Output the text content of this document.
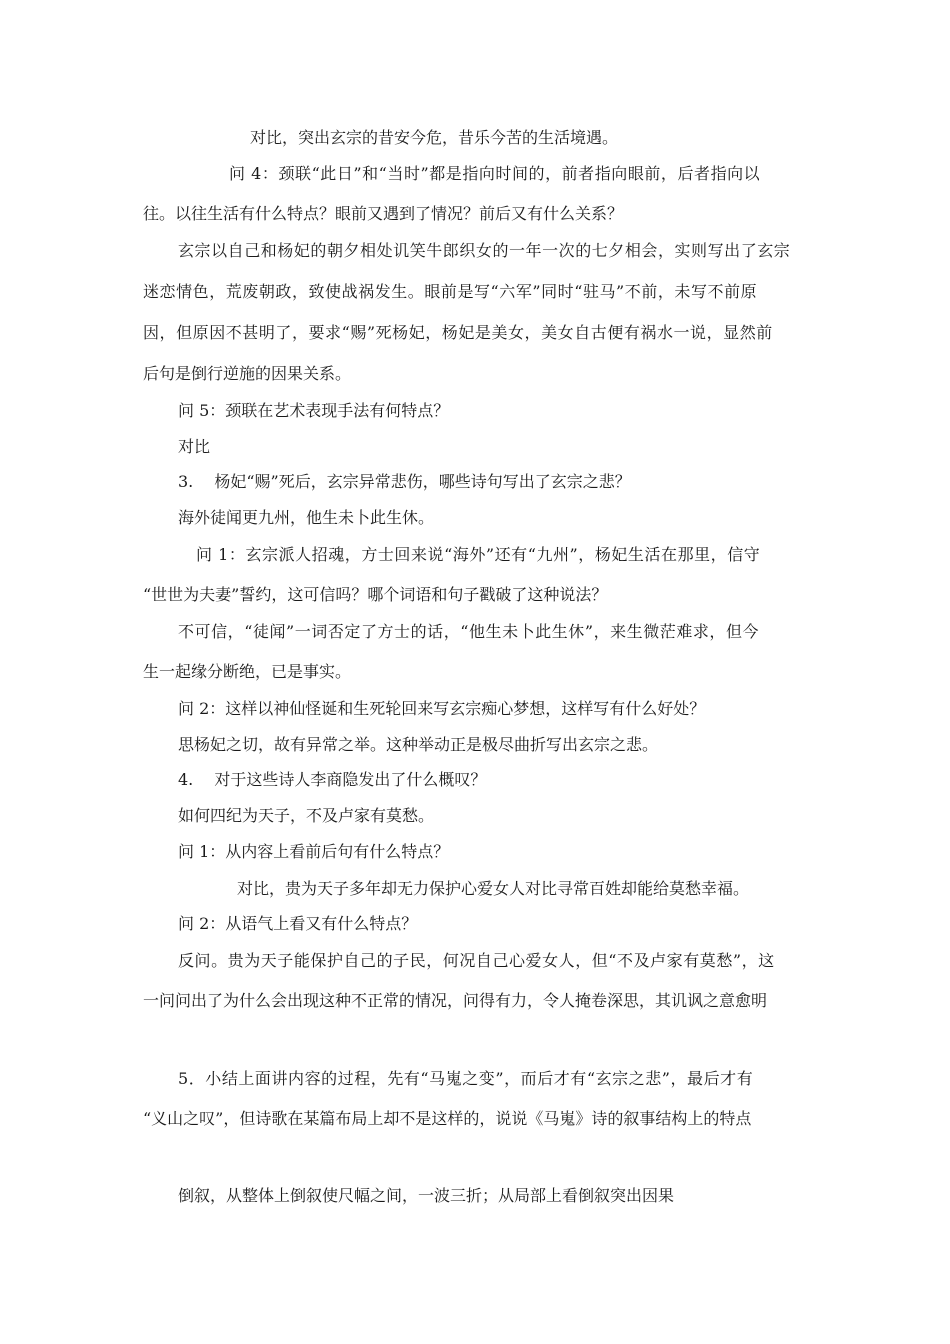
对比，突出玄宗的昔安今危，昔乐今苦的生活境遇。
问 4：颈联“此日”和“当时”都是指向时间的，前者指向眼前，后者指向以
往。以往生活有什么特点？眼前又遇到了情况？前后又有什么关系？
玄宗以自己和杨妃的朝夕相处讥笑牛郎织女的一年一次的七夕相会，实则写出了玄宗
迷恋情色，荒废朝政，致使战祸发生。眼前是写“六军”同时“驻马”不前，未写不前原
因，但原因不甚明了，要求“赐”死杨妃，杨妃是美女，美女自古便有祸水一说，显然前
后句是倒行逆施的因果关系。
问 5：颈联在艺术表现手法有何特点？
对比
3.　 杨妃“赐”死后，玄宗异常悲伤，哪些诗句写出了玄宗之悲？
海外徒闻更九州，他生未卜此生休。
问 1：玄宗派人招魂，方士回来说“海外”还有“九州”，杨妃生活在那里，信守
“世世为夫妻”誓约，这可信吗？哪个词语和句子戳破了这种说法？
不可信，“徒闻”一词否定了方士的话，“他生未卜此生休”，来生微茫难求，但今
生一起缘分断绝，已是事实。
问 2：这样以神仙怪诞和生死轮回来写玄宗痴心梦想，这样写有什么好处？
思杨妃之切，故有异常之举。这种举动正是极尽曲折写出玄宗之悲。
4.　 对于这些诗人李商隐发出了什么概叹？
如何四纪为天子，不及卢家有莫愁。
问 1：从内容上看前后句有什么特点？
对比，贵为天子多年却无力保护心爱女人对比寻常百姓却能给莫愁幸福。
问 2：从语气上看又有什么特点？
反问。贵为天子能保护自己的子民，何况自己心爱女人，但“不及卢家有莫愁”，这
一问问出了为什么会出现这种不正常的情况，问得有力，令人掩卷深思，其讥讽之意愈明
5．小结上面讲内容的过程，先有“马嵬之变”，而后才有“玄宗之悲”，最后才有
“义山之叹”，但诗歌在某篇布局上却不是这样的，说说《马嵬》诗的叙事结构上的特点
倒叙，从整体上倒叙使尺幅之间，一波三折；从局部上看倒叙突出因果
